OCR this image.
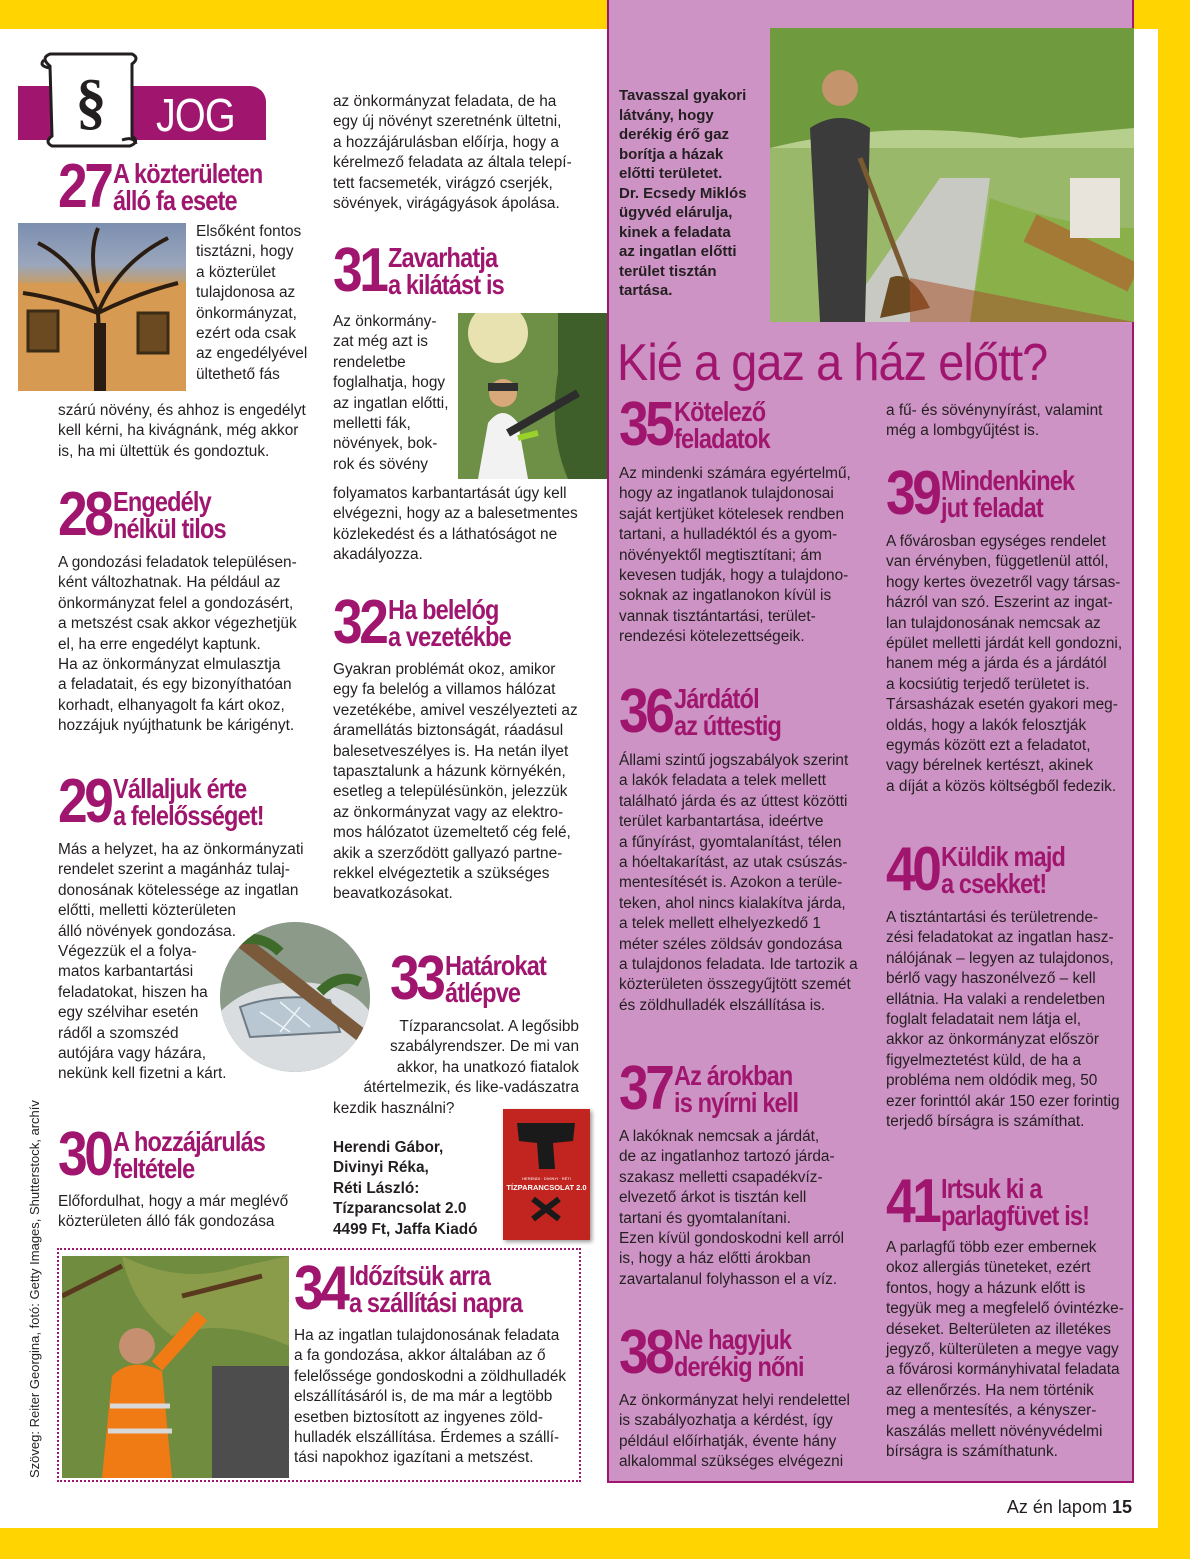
JOG
§
Szöveg: Reiter Georgina, fotó: Getty Images, Shutterstock, archív
27 A közterületen
álló fa esete

Elsőként fontos

tisztázni, hogy

a közterület

tulajdonosa az

önkormányzat,

ezért oda csak

az engedélyével

ültethető fás

szárú növény, és ahhoz is engedélyt

kell kérni, ha kivágnánk, még akkor

is, ha mi ültettük és gondoztuk.

28 Engedély
nélkül tilos

A gondozási feladatok településen-

ként változhatnak. Ha például az

önkormányzat felel a gondozásért,

a metszést csak akkor végezhetjük

el, ha erre engedélyt kaptunk.

Ha az önkormányzat elmulasztja

a feladatait, és egy bizonyíthatóan

korhadt, elhanyagolt fa kárt okoz,

hozzájuk nyújthatunk be kárigényt.

29 Vállaljuk érte
a felelősséget!

Más a helyzet, ha az önkormányzati

rendelet szerint a magánház tulaj-

donosának kötelessége az ingatlan

előtti, melletti közterületen

álló növények gondozása.

Végezzük el a folya-

matos karbantartási

feladatokat, hiszen ha

egy szélvihar esetén

rádől a szomszéd

autójára vagy házára,

nekünk kell fizetni a kárt.

30 A hozzájárulás
feltétele

Előfordulhat, hogy a már meglévő

közterületen álló fák gondozása

az önkormányzat feladata, de ha

egy új növényt szeretnénk ültetni,

a hozzájárulásban előírja, hogy a

kérelmező feladata az általa telepí-

tett facsemeték, virágzó cserjék,

sövények, virágágyások ápolása.

31 Zavarhatja
a kilátást is

Az önkormány-

zat még azt is

rendeletbe

foglalhatja, hogy

az ingatlan előtti,

melletti fák,

növények, bok-

rok és sövény

folyamatos karbantartását úgy kell

elvégezni, hogy az a balesetmentes

közlekedést és a láthatóságot ne

akadályozza.

32 Ha belelóg
a vezetékbe

Gyakran problémát okoz, amikor

egy fa belelóg a villamos hálózat

vezetékébe, amivel veszélyezteti az

áramellátás biztonságát, ráadásul

balesetveszélyes is. Ha netán ilyet

tapasztalunk a házunk környékén,

esetleg a településünkön, jelezzük

az önkormányzat vagy az elektro-

mos hálózatot üzemeltető cég felé,

akik a szerződött gallyazó partne-

rekkel elvégeztetik a szükséges

beavatkozásokat.

33 Határokat
átlépve

Tízparancsolat. A legősibb

szabályrendszer. De mi van

akkor, ha unatkozó fiatalok

átértelmezik, és like-vadászatra

kezdik használni?

Herendi Gábor,

Divinyi Réka,

Réti László:

Tízparancsolat 2.0

4499 Ft, Jaffa Kiadó

HERENDI · DIVINYI · RÉTI
TÍZPARANCSOLAT 2.0
34 Időzítsük arra
a szállítási napra

Ha az ingatlan tulajdonosának feladata

a fa gondozása, akkor általában az ő

felelőssége gondoskodni a zöldhulladék

elszállításáról is, de ma már a legtöbb

esetben biztosított az ingyenes zöld-

hulladék elszállítása. Érdemes a szállí-

tási napokhoz igazítani a metszést.

Tavasszal gyakori

látvány, hogy

derékig érő gaz

borítja a házak

előtti területet.

Dr. Ecsedy Miklós

ügyvéd elárulja,

kinek a feladata

az ingatlan előtti

terület tisztán

tartása.

Kié a gaz a ház előtt?
35 Kötelező
feladatok

Az mindenki számára egyértelmű,

hogy az ingatlanok tulajdonosai

saját kertjüket kötelesek rendben

tartani, a hulladéktól és a gyom-

növényektől megtisztítani; ám

kevesen tudják, hogy a tulajdono-

soknak az ingatlanokon kívül is

vannak tisztántartási, terület-

rendezési kötelezettségeik.

36 Járdától
az úttestig

Állami szintű jogszabályok szerint

a lakók feladata a telek mellett

található járda és az úttest közötti

terület karbantartása, ideértve

a fűnyírást, gyomtalanítást, télen

a hóeltakarítást, az utak csúszás-

mentesítését is. Azokon a terüle-

teken, ahol nincs kialakítva járda,

a telek mellett elhelyezkedő 1

méter széles zöldsáv gondozása

a tulajdonos feladata. Ide tartozik a

közterületen összegyűjtött szemét

és zöldhulladék elszállítása is.

37 Az árokban
is nyírni kell

A lakóknak nemcsak a járdát,

de az ingatlanhoz tartozó járda-

szakasz melletti csapadékvíz-

elvezető árkot is tisztán kell

tartani és gyomtalanítani.

Ezen kívül gondoskodni kell arról

is, hogy a ház előtti árokban

zavartalanul folyhasson el a víz.

38 Ne hagyjuk
derékig nőni

Az önkormányzat helyi rendelettel

is szabályozhatja a kérdést, így

például előírhatják, évente hány

alkalommal szükséges elvégezni

a fű- és sövénynyírást, valamint

még a lombgyűjtést is.

39 Mindenkinek
jut feladat

A fővárosban egységes rendelet

van érvényben, függetlenül attól,

hogy kertes övezetről vagy társas-

házról van szó. Eszerint az ingat-

lan tulajdonosának nemcsak az

épület melletti járdát kell gondozni,

hanem még a járda és a járdától

a kocsiútig terjedő területet is.

Társasházak esetén gyakori meg-

oldás, hogy a lakók felosztják

egymás között ezt a feladatot,

vagy bérelnek kertészt, akinek

a díját a közös költségből fedezik.

40 Küldik majd
a csekket!

A tisztántartási és területrende-

zési feladatokat az ingatlan hasz-

nálójának – legyen az tulajdonos,

bérlő vagy haszonélvező – kell

ellátnia. Ha valaki a rendeletben

foglalt feladatait nem látja el,

akkor az önkormányzat először

figyelmeztetést küld, de ha a

probléma nem oldódik meg, 50

ezer forinttól akár 150 ezer forintig

terjedő bírságra is számíthat.

41 Irtsuk ki a
parlagfüvet is!

A parlagfű több ezer embernek

okoz allergiás tüneteket, ezért

fontos, hogy a házunk előtt is

tegyük meg a megfelelő óvintézke-

déseket. Belterületen az illetékes

jegyző, külterületen a megye vagy

a fővárosi kormányhivatal feladata

az ellenőrzés. Ha nem történik

meg a mentesítés, a kényszer-

kaszálás mellett növényvédelmi

bírságra is számíthatunk.

Az én lapom 15
